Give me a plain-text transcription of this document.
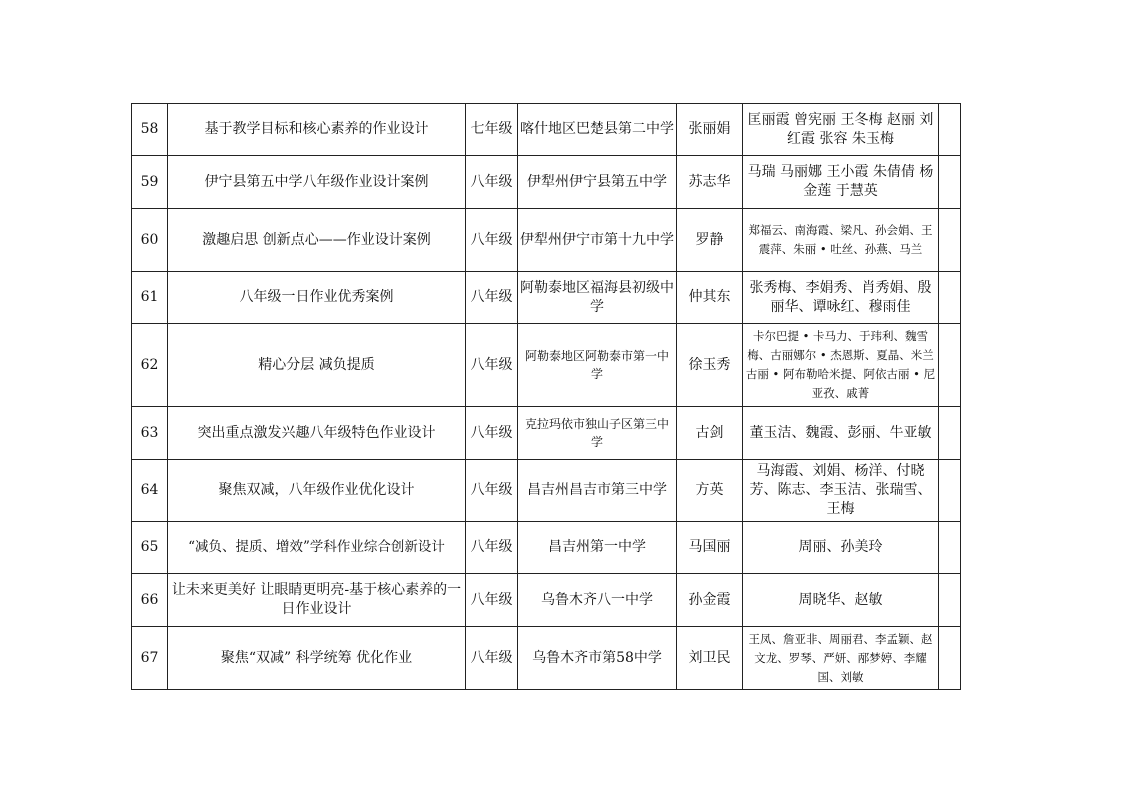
58	基于教学目标和核心素养的作业设计	七年级	喀什地区巴楚县第二中学	张丽娟	匡丽霞 曾宪丽 王冬梅 赵丽 刘红霞 张容 朱玉梅	
59	伊宁县第五中学八年级作业设计案例	八年级	伊犁州伊宁县第五中学	苏志华	马瑞 马丽娜 王小霞 朱倩倩 杨金莲 于慧英	
60	激趣启思 创新点心——作业设计案例	八年级	伊犁州伊宁市第十九中学	罗静	郑福云、南海霞、梁凡、孙会娟、王震萍、朱丽 • 吐丝、孙燕、马兰	
61	八年级一日作业优秀案例	八年级	阿勒泰地区福海县初级中学	仲其东	张秀梅、李娟秀、肖秀娟、殷丽华、谭咏红、穆雨佳	
62	精心分层 减负提质	八年级	阿勒泰地区阿勒泰市第一中学	徐玉秀	卡尔巴提 • 卡马力、于玮利、魏雪梅、古丽娜尔 • 杰恩斯、夏晶、米兰古丽 • 阿布勒哈米提、阿依古丽 • 尼亚孜、戚菁	
63	突出重点激发兴趣八年级特色作业设计	八年级	克拉玛依市独山子区第三中学	古剑	董玉洁、魏霞、彭丽、牛亚敏	
64	聚焦双减，八年级作业优化设计	八年级	昌吉州昌吉市第三中学	方英	马海霞、刘娟、杨洋、付晓芳、陈志、李玉洁、张瑞雪、王梅	
65	“减负、提质、增效”学科作业综合创新设计	八年级	昌吉州第一中学	马国丽	周丽、孙美玲	
66	让未来更美好 让眼睛更明亮-基于核心素养的一日作业设计	八年级	乌鲁木齐八一中学	孙金霞	周晓华、赵敏	
67	聚焦“双减” 科学统筹 优化作业	八年级	乌鲁木齐市第58中学	刘卫民	王凤、詹亚非、周丽君、李孟颖、赵文龙、罗琴、严妍、邴梦婷、李耀国、刘敏	
